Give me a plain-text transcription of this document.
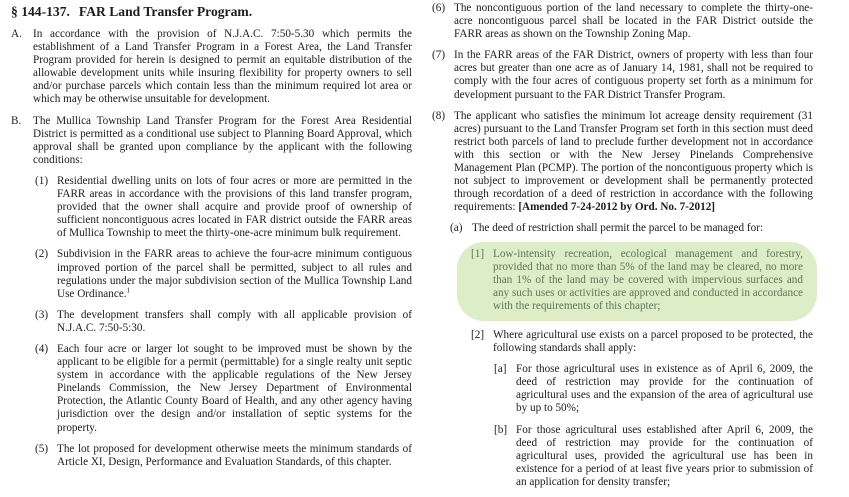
§ 144-137. FAR Land Transfer Program.
A. In accordance with the provision of N.J.A.C. 7:50-5.30 which permits the establishment of a Land Transfer Program in a Forest Area, the Land Transfer Program provided for herein is designed to permit an equitable distribution of the allowable development units while insuring flexibility for property owners to sell and/or purchase parcels which contain less than the minimum required lot area or which may be otherwise unsuitable for development.
B.	The Mullica Township Land Transfer Program for the Forest Area Residential District is permitted as a conditional use subject to Planning Board Approval, which approval shall be granted upon compliance by the applicant with the following conditions:
(1) Residential dwelling units on lots of four acres or more are permitted in the FARR areas in accordance with the provisions of this land transfer program, provided that the owner shall acquire and provide proof of ownership of sufficient noncontiguous acres located in FAR district outside the FARR areas of Mullica Township to meet the thirty-one-acre minimum bulk requirement.
(2) Subdivision in the FARR areas to achieve the four-acre minimum contiguous improved portion of the parcel shall be permitted, subject to all rules and regulations under the major subdivision section of the Mullica Township Land Use Ordinance.$^1$
(3) The development transfers shall comply with all applicable provision of N.J.A.C. 7:50-5:30.
(4) Each four acre or larger lot sought to be improved must be shown by the applicant to be eligible for a permit (permittable) for a single realty unit septic system in accordance with the applicable regulations of the New Jersey Pinelands Commission, the New Jersey Department of Environmental Protection, the Atlantic County Board of Health, and any other agency having jurisdiction over the design and/or installation of septic systems for the property.
(5) The lot proposed for development otherwise meets the minimum standards of Article XI, Design, Performance and Evaluation Standards, of this chapter.
(6) The noncontiguous portion of the land necessary to complete the thirty-one-acre noncontiguous parcel shall be located in the FAR District outside the FARR areas as shown on the Township Zoning Map.
(7) In the FARR areas of the FAR District, owners of property with less than four acres but greater than one acre as of January 14, 1981, shall not be required to comply with the four acres of contiguous property set forth as a minimum for development pursuant to the FAR District Transfer Program.
(8) The applicant who satisfies the minimum lot acreage density requirement (31 acres) pursuant to the Land Transfer Program set forth in this section must deed restrict both parcels of land to preclude further development not in accordance with this section or with the New Jersey Pinelands Comprehensive Management Plan (PCMP). The portion of the noncontiguous property which is not subject to improvement or development shall be permanently protected through recordation of a deed of restriction in accordance with the following requirements: [Amended 7-24-2012 by Ord. No. 7-2012]
(a) The deed of restriction shall permit the parcel to be managed for:
[1] Low-intensity recreation, ecological management and forestry, provided that no more than 5% of the land may be cleared, no more than 1% of the land may be covered with impervious surfaces and any such uses or activities are approved and conducted in accordance with the requirements of this chapter;
[2] Where agricultural use exists on a parcel proposed to be protected, the following standards shall apply:
[a] For those agricultural uses in existence as of April 6, 2009, the deed of restriction may provide for the continuation of agricultural uses and the expansion of the area of agricultural use by up to 50%;
[b] For those agricultural uses established after April 6, 2009, the deed of restriction may provide for the continuation of agricultural uses, provided the agricultural use has been in existence for a period of at least five years prior to submission of an application for density transfer;
